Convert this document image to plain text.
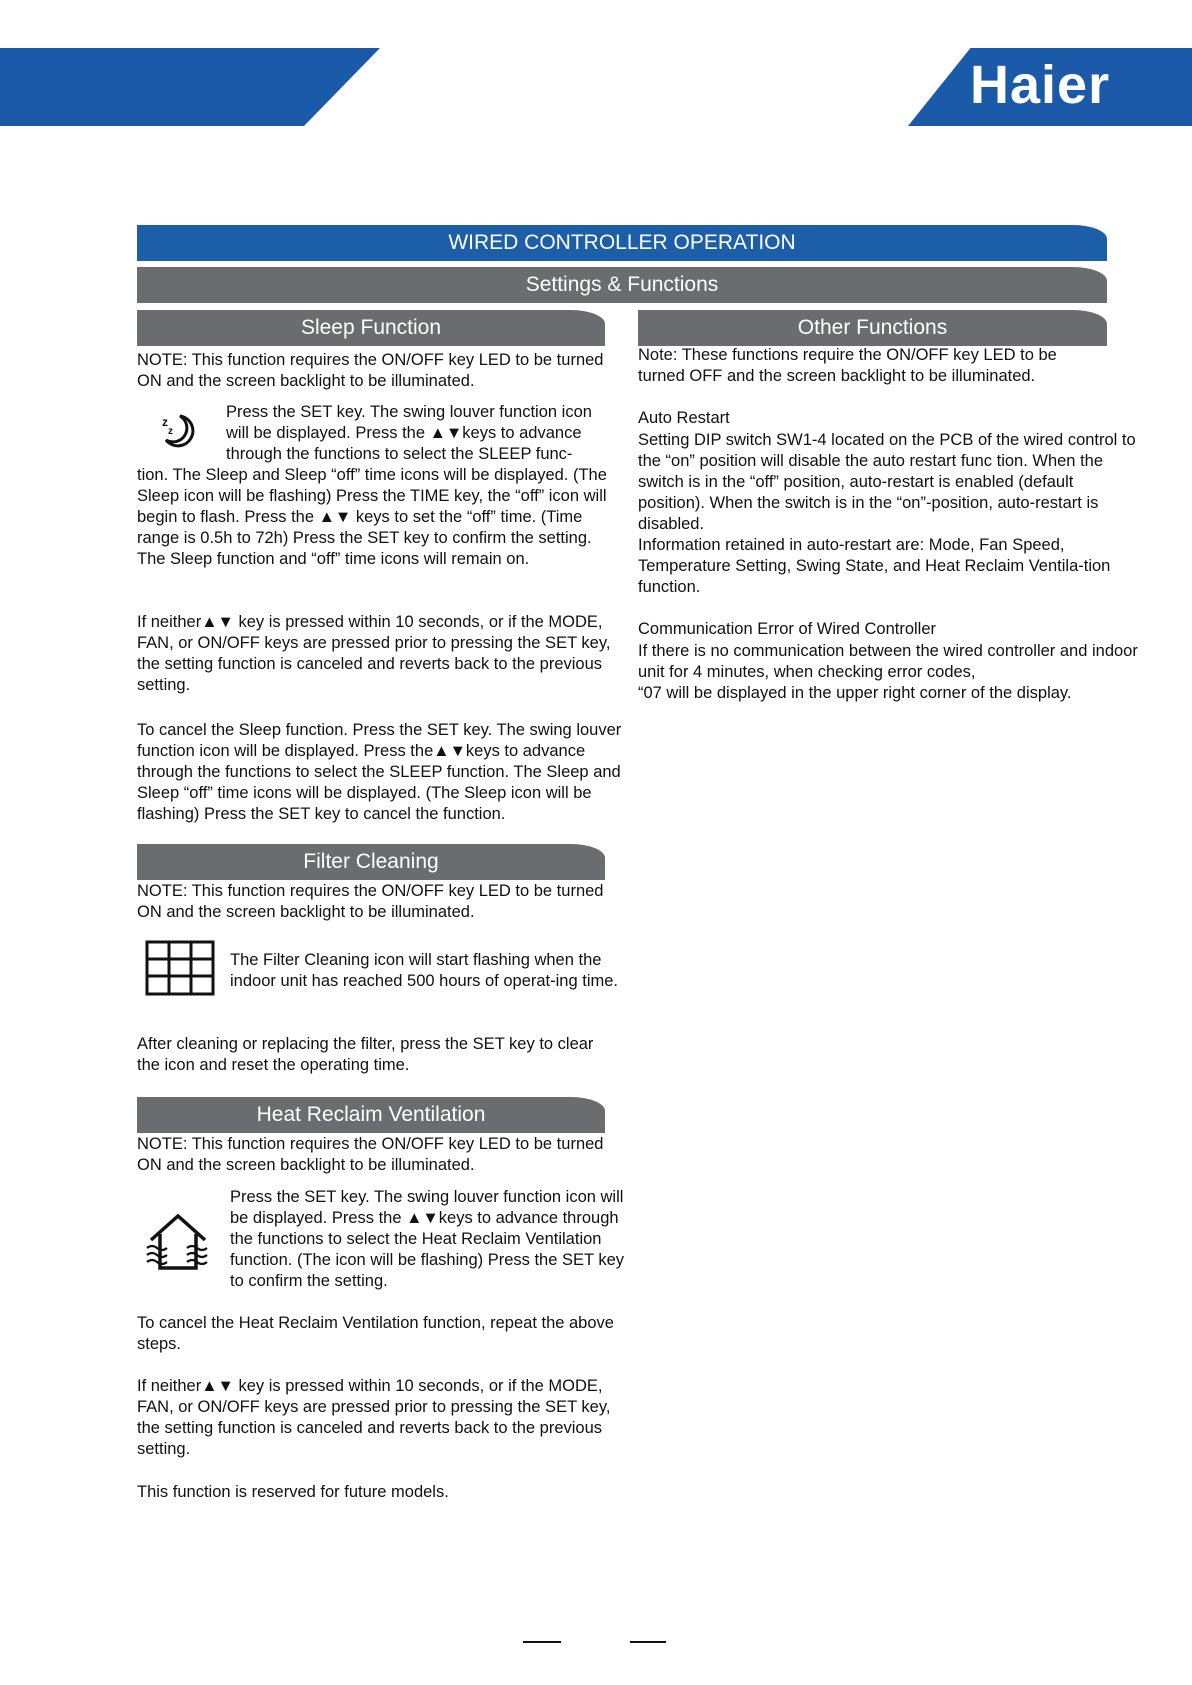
Haier
WIRED CONTROLLER OPERATION
Settings & Functions
Sleep Function

NOTE: This function requires the ON/OFF key LED to be turned ON and the screen backlight to be illuminated.

z
z

Press the SET key. The swing louver function icon will be displayed. Press the ▲▼keys to advance through the functions to select the SLEEP func-

tion. The Sleep and Sleep “off” time icons will be displayed. (The Sleep icon will be flashing) Press the TIME key, the “off” icon will begin to flash. Press the ▲▼ keys to set the “off” time. (Time range is 0.5h to 72h) Press the SET key to confirm the setting. The Sleep function and “off” time icons will remain on.

If neither▲▼ key is pressed within 10 seconds, or if the MODE, FAN, or ON/OFF keys are pressed prior to pressing the SET key, the setting function is canceled and reverts back to the previous setting.

To cancel the Sleep function. Press the SET key. The swing louver function icon will be displayed. Press the▲▼keys to advance through the functions to select the SLEEP function. The Sleep and Sleep “off” time icons will be displayed. (The Sleep icon will be flashing) Press the SET key to cancel the function.

Filter Cleaning

NOTE: This function requires the ON/OFF key LED to be turned ON and the screen backlight to be illuminated.

The Filter Cleaning icon will start flashing when the indoor unit has reached 500 hours of operat-ing time.

After cleaning or replacing the filter, press the SET key to clear the icon and reset the operating time.

Heat Reclaim Ventilation

NOTE: This function requires the ON/OFF key LED to be turned ON and the screen backlight to be illuminated.

Press the SET key. The swing louver function icon will be displayed. Press the ▲▼keys to advance through the functions to select the Heat Reclaim Ventilation function. (The icon will be flashing) Press the SET key to confirm the setting.

To cancel the Heat Reclaim Ventilation function, repeat the above steps.

If neither▲▼ key is pressed within 10 seconds, or if the MODE, FAN, or ON/OFF keys are pressed prior to pressing the SET key, the setting function is canceled and reverts back to the previous setting.

This function is reserved for future models.

Other Functions

Note: These functions require the ON/OFF key LED to be turned OFF and the screen backlight to be illuminated.

Auto Restart

Setting DIP switch SW1-4 located on the PCB of the wired control to the “on” position will disable the auto restart func tion. When the switch is in the “off” position, auto-restart is enabled (default position). When the switch is in the “on”-position, auto-restart is disabled.

Information retained in auto-restart are: Mode, Fan Speed, Temperature Setting, Swing State, and Heat Reclaim Ventila-tion function.

Communication Error of Wired Controller

If there is no communication between the wired controller and indoor unit for 4 minutes, when checking error codes,

“07 will be displayed in the upper right corner of the display.
